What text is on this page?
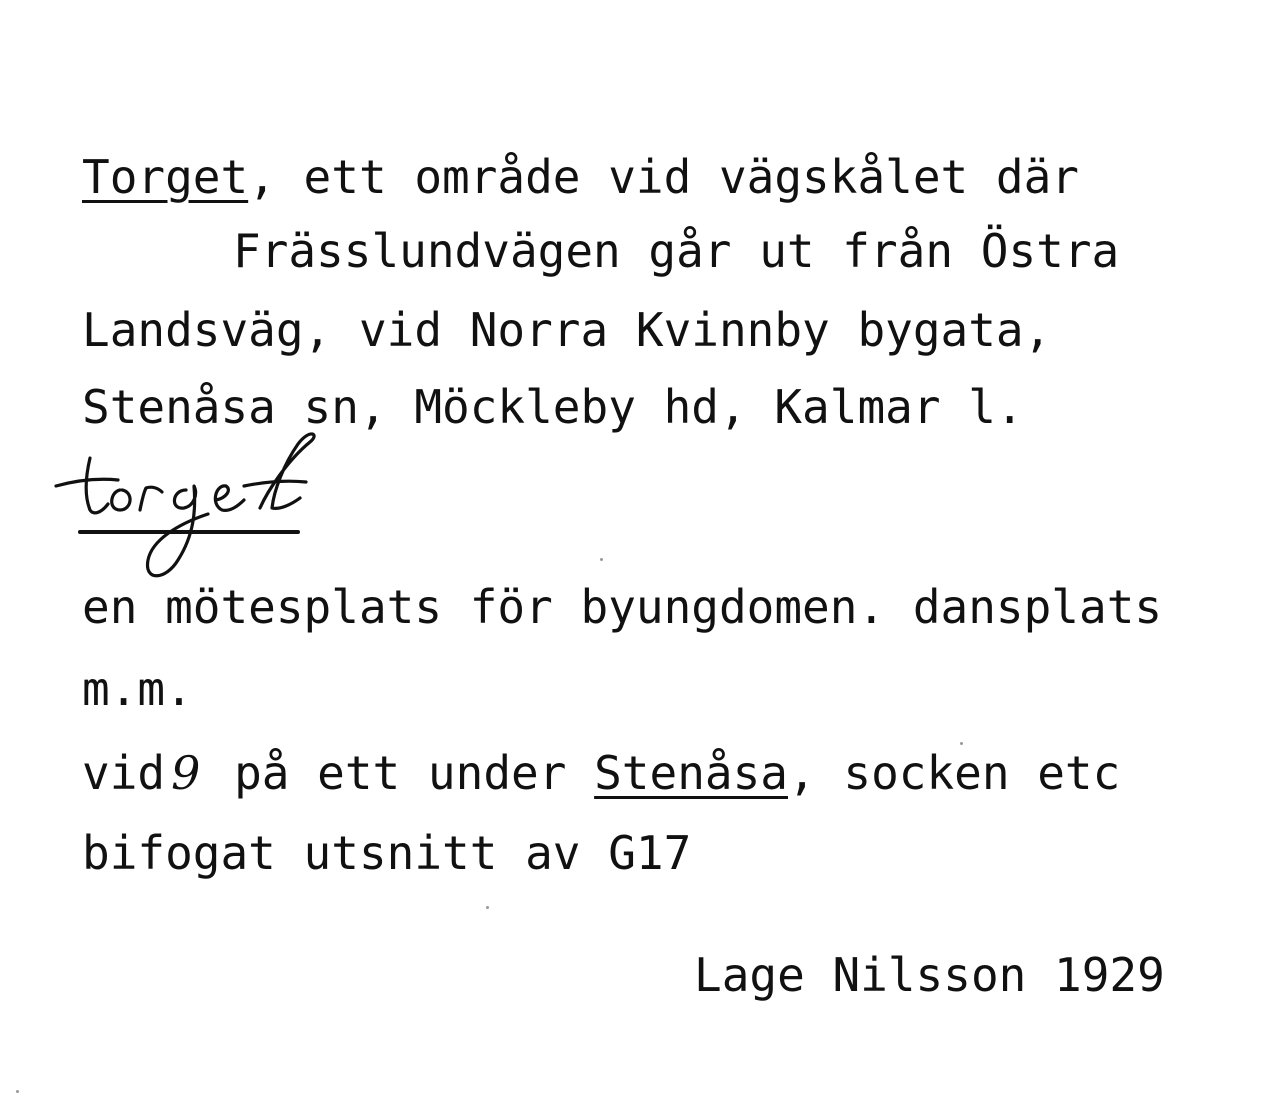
Torget, ett område vid vägskålet där
Frässlundvägen går ut från Östra
Landsväg, vid Norra Kvinnby bygata,
Stenåsa sn, Möckleby hd, Kalmar l.
en mötesplats för byungdomen. dansplats
m.m.
vid 9 på ett under Stenåsa, socken etc
bifogat utsnitt av G17
Lage Nilsson 1929
